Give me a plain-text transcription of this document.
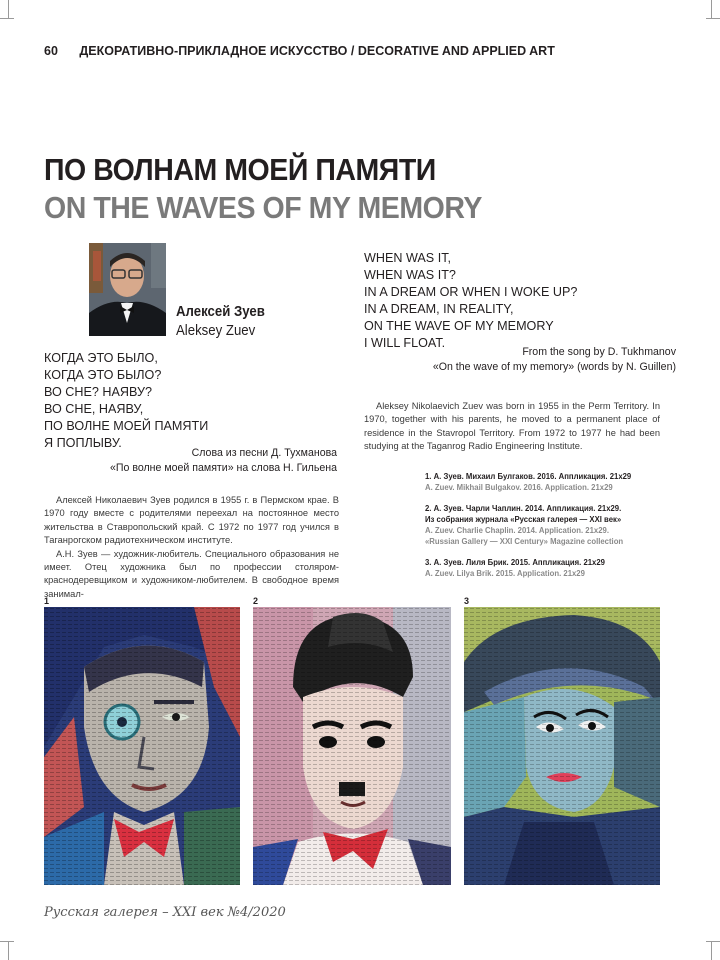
60 ДЕКОРАТИВНО-ПРИКЛАДНОЕ ИСКУССТВО / DECORATIVE AND APPLIED ART
ПО ВОЛНАМ МОЕЙ ПАМЯТИ
ON THE WAVES OF MY MEMORY
Алексей Зуев
Aleksey Zuev
КОГДА ЭТО БЫЛО,
КОГДА ЭТО БЫЛО?
ВО СНЕ? НАЯВУ?
ВО СНЕ, НАЯВУ,
ПО ВОЛНЕ МОЕЙ ПАМЯТИ
Я ПОПЛЫВУ.
Слова из песни Д. Тухманова
«По волне моей памяти» на слова Н. Гильена
WHEN WAS IT,
WHEN WAS IT?
IN A DREAM OR WHEN I WOKE UP?
IN A DREAM, IN REALITY,
ON THE WAVE OF MY MEMORY
I WILL FLOAT.
From the song by D. Tukhmanov
«On the wave of my memory» (words by N. Guillen)

Алексей Николаевич Зуев родился в 1955 г. в Пермском крае. В 1970 году вместе с родителями переехал на постоянное место жительства в Ставропольский край. С 1972 по 1977 год учился в Таганрогском радиотехническом институте.

А.Н. Зуев — художник-любитель. Специального образования не имеет. Отец художника был по профессии столяром-краснодеревщиком и художником-любителем. В свободное время занимал-

Aleksey Nikolaevich Zuev was born in 1955 in the Perm Territory. In 1970, together with his parents, he moved to a permanent place of residence in the Stavropol Territory. From 1972 to 1977 he had been studying at the Taganrog Radio Engineering Institute.

1. А. Зуев. Михаил Булгаков. 2016. Аппликация. 21x29
A. Zuev. Mikhail Bulgakov. 2016. Application. 21x29
2. А. Зуев. Чарли Чаплин. 2014. Аппликация. 21x29.
Из собрания журнала «Русская галерея — XXI век»
A. Zuev. Charlie Chaplin. 2014. Application. 21x29.
«Russian Gallery — XXI Century» Magazine collection
3. А. Зуев. Лиля Брик. 2015. Аппликация. 21x29
A. Zuev. Lilya Brik. 2015. Application. 21x29
1	2	3
Русская галерея – XXI век №4/2020
